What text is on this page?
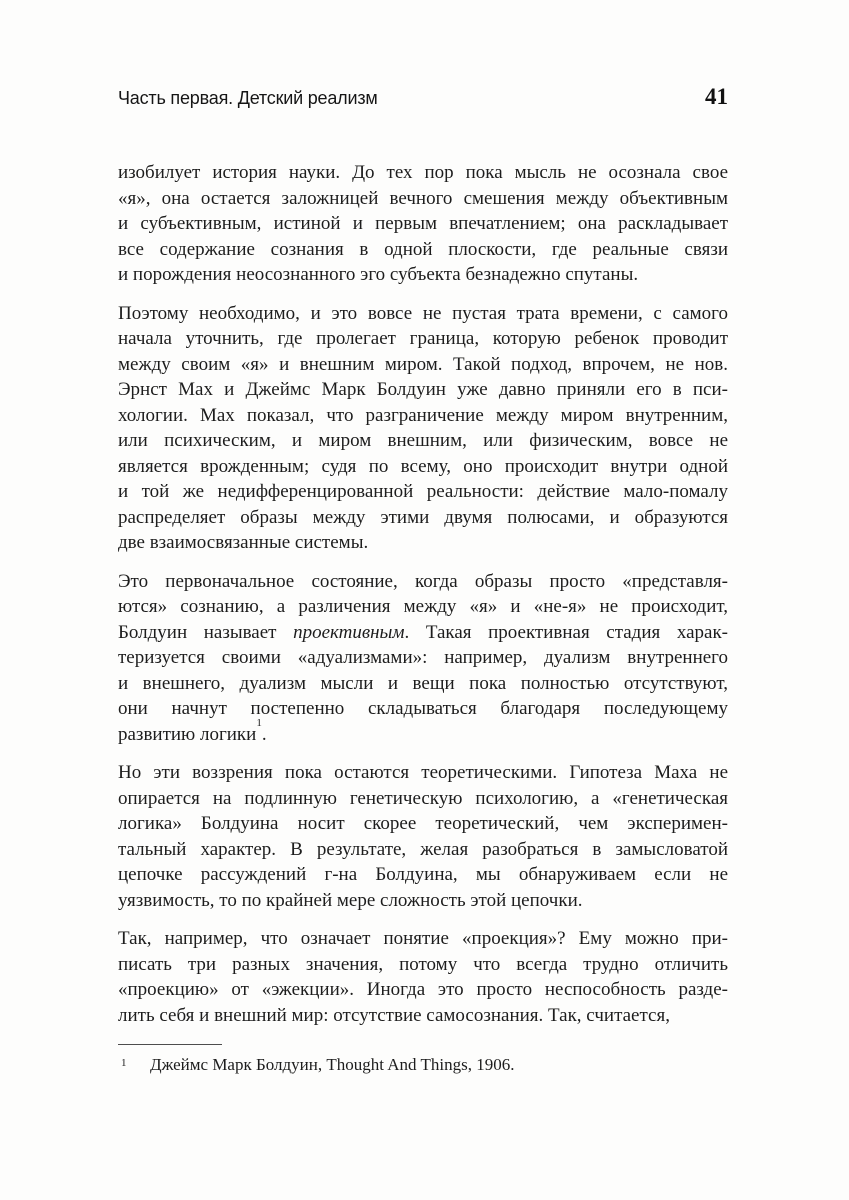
Часть первая. Детский реализм	41
изобилует история науки. До тех пор пока мысль не осознала свое
«я», она остается заложницей вечного смешения между объективным
и субъективным, истиной и первым впечатлением; она раскладывает
все содержание сознания в одной плоскости, где реальные связи
и порождения неосознанного эго субъекта безнадежно спутаны.
Поэтому необходимо, и это вовсе не пустая трата времени, с самого
начала уточнить, где пролегает граница, которую ребенок проводит
между своим «я» и внешним миром. Такой подход, впрочем, не нов.
Эрнст Мах и Джеймс Марк Болдуин уже давно приняли его в пси-
хологии. Мах показал, что разграничение между миром внутренним,
или психическим, и миром внешним, или физическим, вовсе не
является врожденным; судя по всему, оно происходит внутри одной
и той же недифференцированной реальности: действие мало-помалу
распределяет образы между этими двумя полюсами, и образуются
две взаимосвязанные системы.
Это первоначальное состояние, когда образы просто «представля-
ются» сознанию, а различения между «я» и «не-я» не происходит,
Болдуин называет проективным. Такая проективная стадия харак-
теризуется своими «адуализмами»: например, дуализм внутреннего
и внешнего, дуализм мысли и вещи пока полностью отсутствуют,
они начнут постепенно складываться благодаря последующему
развитию логики$^1$.
Но эти воззрения пока остаются теоретическими. Гипотеза Маха не
опирается на подлинную генетическую психологию, а «генетическая
логика» Болдуина носит скорее теоретический, чем эксперимен-
тальный характер. В результате, желая разобраться в замысловатой
цепочке рассуждений г-на Болдуина, мы обнаруживаем если не
уязвимость, то по крайней мере сложность этой цепочки.
Так, например, что означает понятие «проекция»? Ему можно при-
писать три разных значения, потому что всегда трудно отличить
«проекцию» от «эжекции». Иногда это просто неспособность разде-
лить себя и внешний мир: отсутствие самосознания. Так, считается,
1 Джеймс Марк Болдуин, Thought And Things, 1906.
